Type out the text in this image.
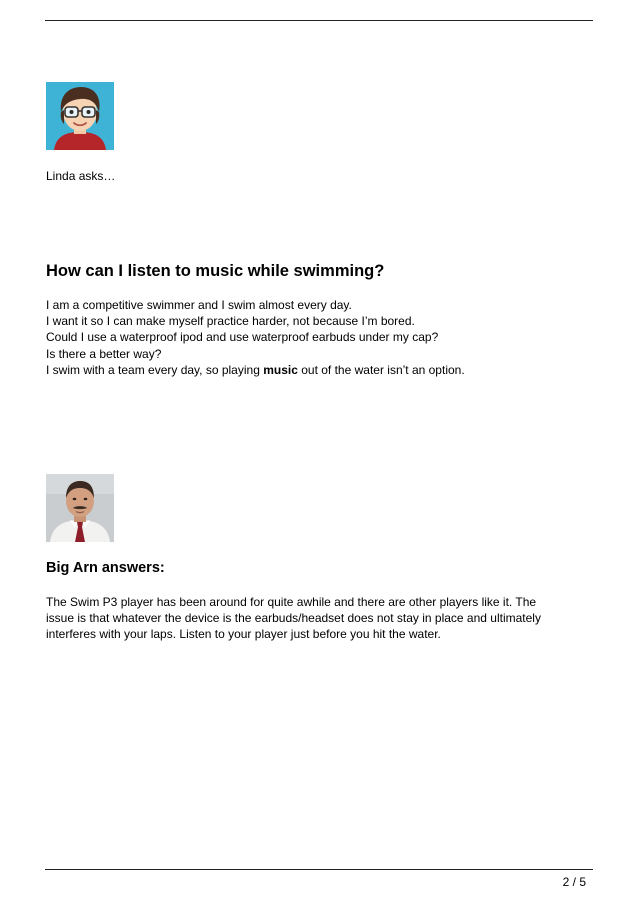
Linda asks…
How can I listen to music while swimming?
I am a competitive swimmer and I swim almost every day.
I want it so I can make myself practice harder, not because I’m bored.
Could I use a waterproof ipod and use waterproof earbuds under my cap?
Is there a better way?
I swim with a team every day, so playing music out of the water isn’t an option.
Big Arn answers:
The Swim P3 player has been around for quite awhile and there are other players like it. The
issue is that whatever the device is the earbuds/headset does not stay in place and ultimately
interferes with your laps. Listen to your player just before you hit the water.
2 / 5
